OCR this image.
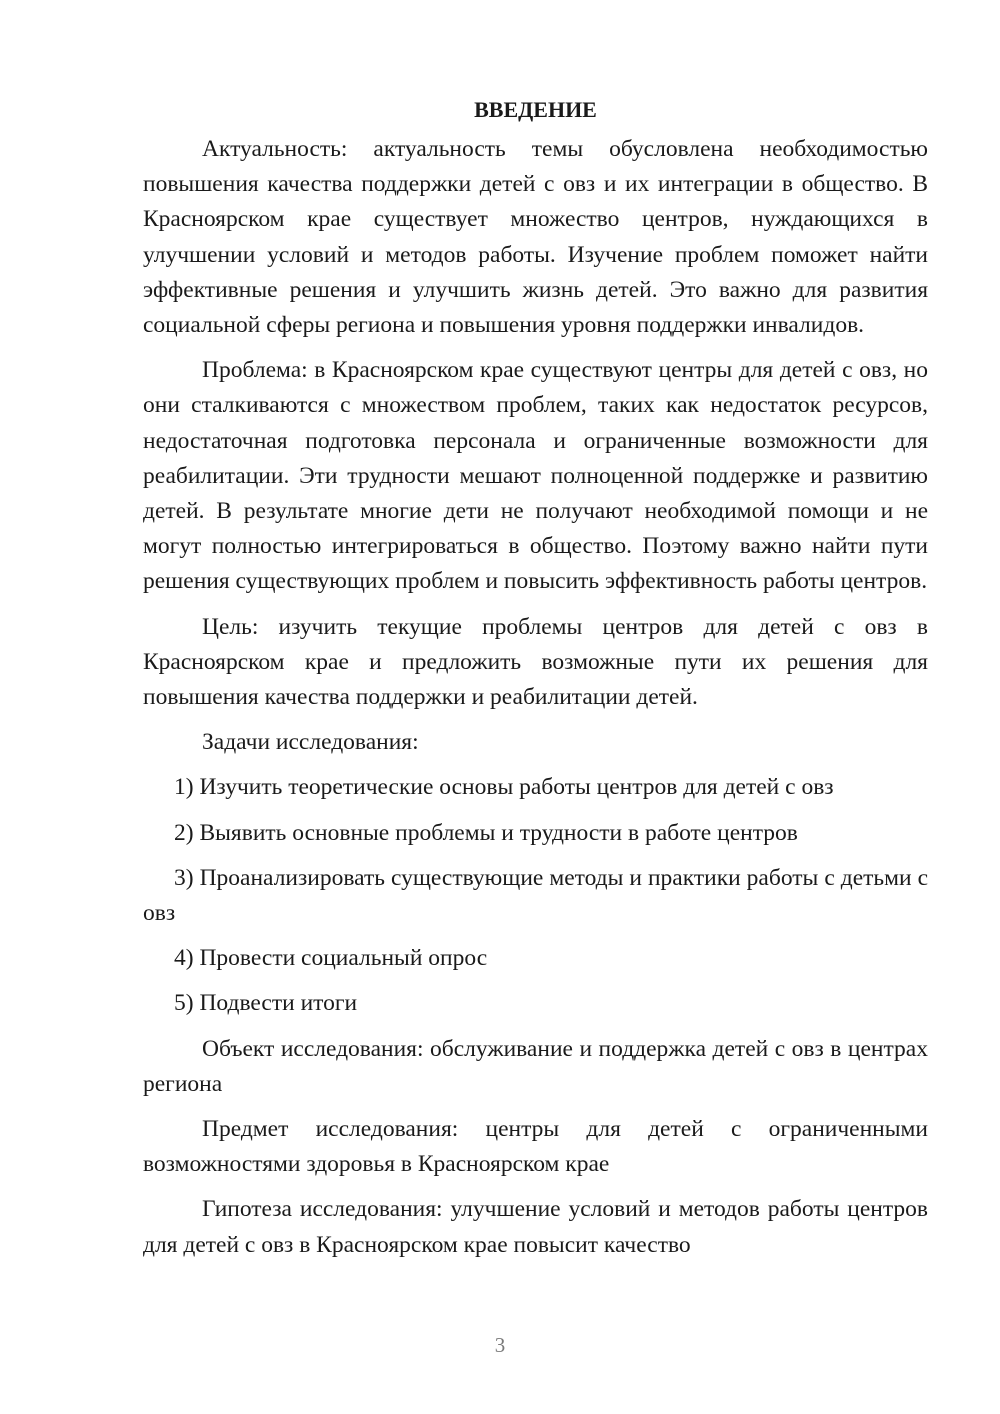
ВВЕДЕНИЕ

Актуальность: актуальность темы обусловлена необходимостью повышения качества поддержки детей с овз и их интеграции в общество. В Красноярском крае существует множество центров, нуждающихся в улучшении условий и методов работы. Изучение проблем поможет найти эффективные решения и улучшить жизнь детей. Это важно для развития социальной сферы региона и повышения уровня поддержки инвалидов.

Проблема: в Красноярском крае существуют центры для детей с овз, но они сталкиваются с множеством проблем, таких как недостаток ресурсов, недостаточная подготовка персонала и ограниченные возможности для реабилитации. Эти трудности мешают полноценной поддержке и развитию детей. В результате многие дети не получают необходимой помощи и не могут полностью интегрироваться в общество. Поэтому важно найти пути решения существующих проблем и повысить эффективность работы центров.

Цель: изучить текущие проблемы центров для детей с овз в Красноярском крае и предложить возможные пути их решения для повышения качества поддержки и реабилитации детей.

Задачи исследования:

1) Изучить теоретические основы работы центров для детей с овз

2) Выявить основные проблемы и трудности в работе центров

3) Проанализировать существующие методы и практики работы с детьми с овз

4) Провести социальный опрос

5) Подвести итоги

Объект исследования: обслуживание и поддержка детей с овз в центрах региона

Предмет исследования: центры для детей с ограниченными возможностями здоровья в Красноярском крае

Гипотеза исследования: улучшение условий и методов работы центров для детей с овз в Красноярском крае повысит качество

3
